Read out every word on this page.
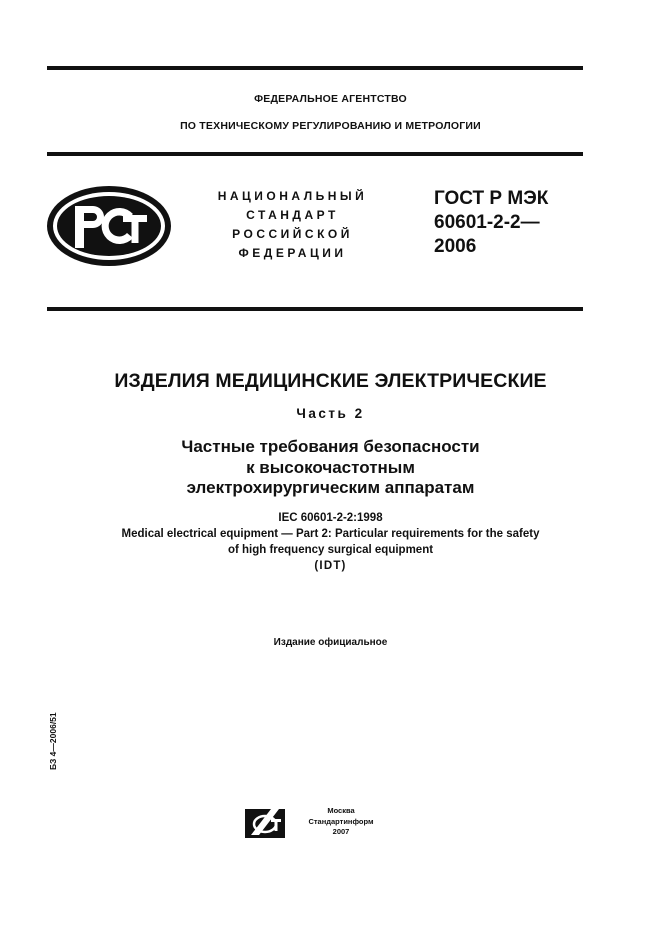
ФЕДЕРАЛЬНОЕ АГЕНТСТВО
ПО ТЕХНИЧЕСКОМУ РЕГУЛИРОВАНИЮ И МЕТРОЛОГИИ
НАЦИОНАЛЬНЫЙ
СТАНДАРТ
РОССИЙСКОЙ
ФЕДЕРАЦИИ
ГОСТ Р МЭК
60601-2-2—
2006
ИЗДЕЛИЯ МЕДИЦИНСКИЕ ЭЛЕКТРИЧЕСКИЕ
Часть 2
Частные требования безопасности
к высокочастотным
электрохирургическим аппаратам
IEC 60601-2-2:1998
Medical electrical equipment — Part 2: Particular requirements for the safety
of high frequency surgical equipment
(IDT)
Издание официальное
БЗ 4—2006/51
Москва
Стандартинформ
2007
